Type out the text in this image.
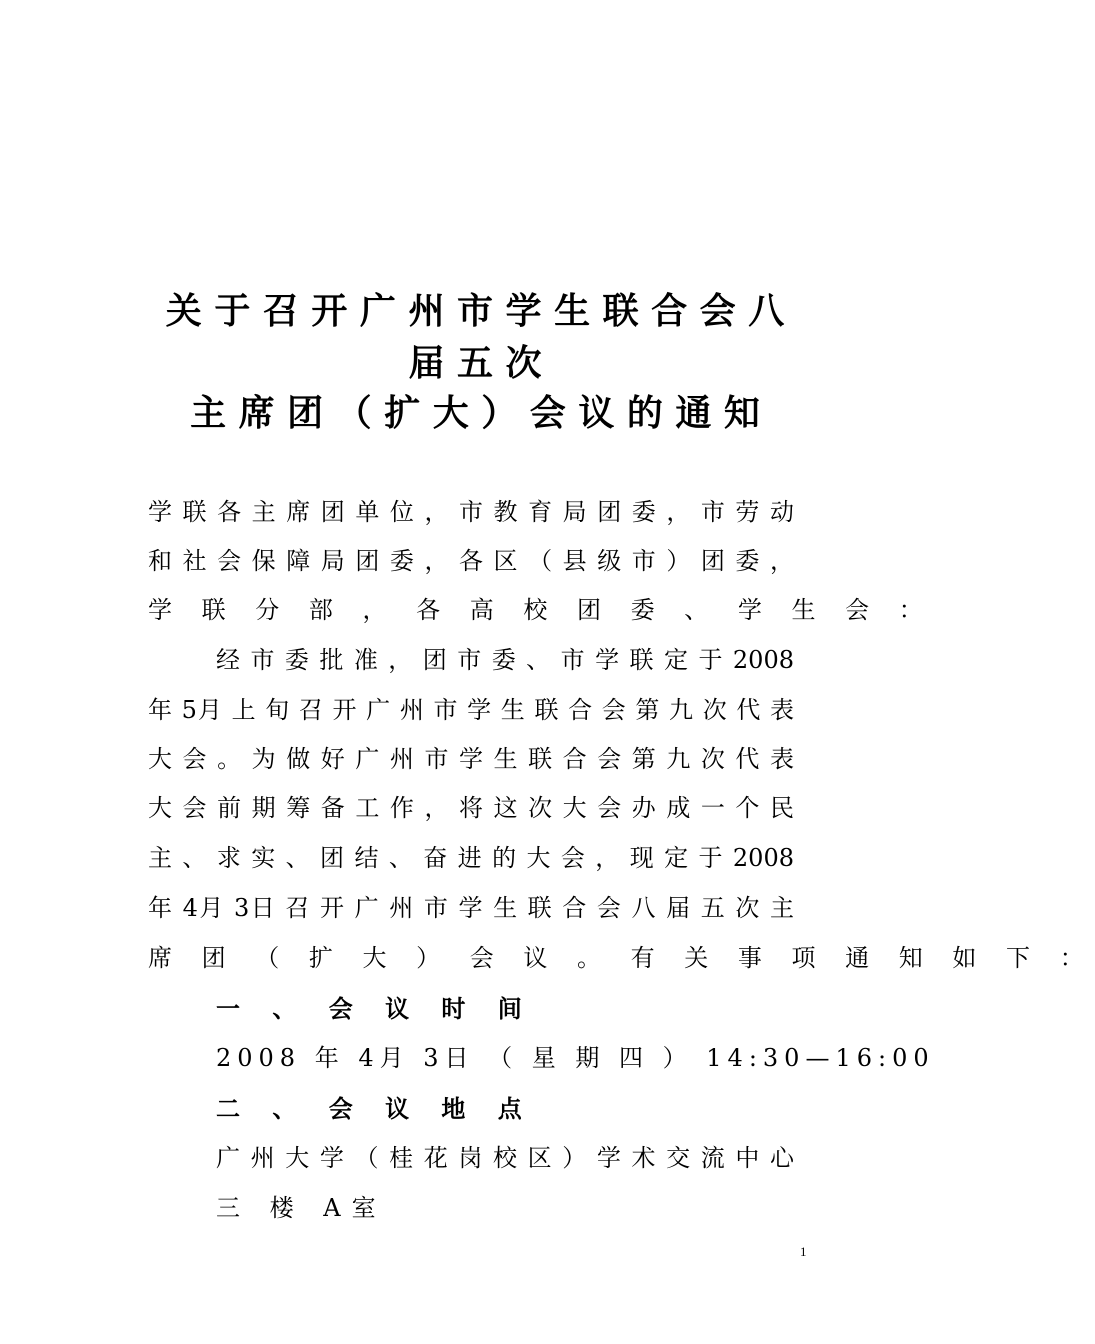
关 于 召 开 广 州 市 学 生 联 合 会 八
届 五 次
主 席 团 （ 扩 大 ） 会 议 的 通 知
学 联 各 主 席 团 单 位 ， 市 教 育 局 团 委 ， 市 劳 动
和 社 会 保 障 局 团 委 ， 各 区 （ 县 级 市 ） 团 委 ，
学 联 分 部 ， 各 高 校 团 委 、 学 生 会 ：
经 市 委 批 准 ， 团 市 委 、 市 学 联 定 于 2008
年 5月 上 旬 召 开 广 州 市 学 生 联 合 会 第 九 次 代 表
大 会 。 为 做 好 广 州 市 学 生 联 合 会 第 九 次 代 表
大 会 前 期 筹 备 工 作 ， 将 这 次 大 会 办 成 一 个 民
主 、 求 实 、 团 结 、 奋 进 的 大 会 ， 现 定 于 2008
年 4月 3日 召 开 广 州 市 学 生 联 合 会 八 届 五 次 主
席 团 （ 扩 大 ） 会 议 。 有 关 事 项 通 知 如 下 ：
一 、 会 议 时 间
2008 年 4月 3日 （ 星 期 四 ） 14:30—16:00
二 、 会 议 地 点
广 州 大 学 （ 桂 花 岗 校 区 ） 学 术 交 流 中 心
三 楼 A室
1
